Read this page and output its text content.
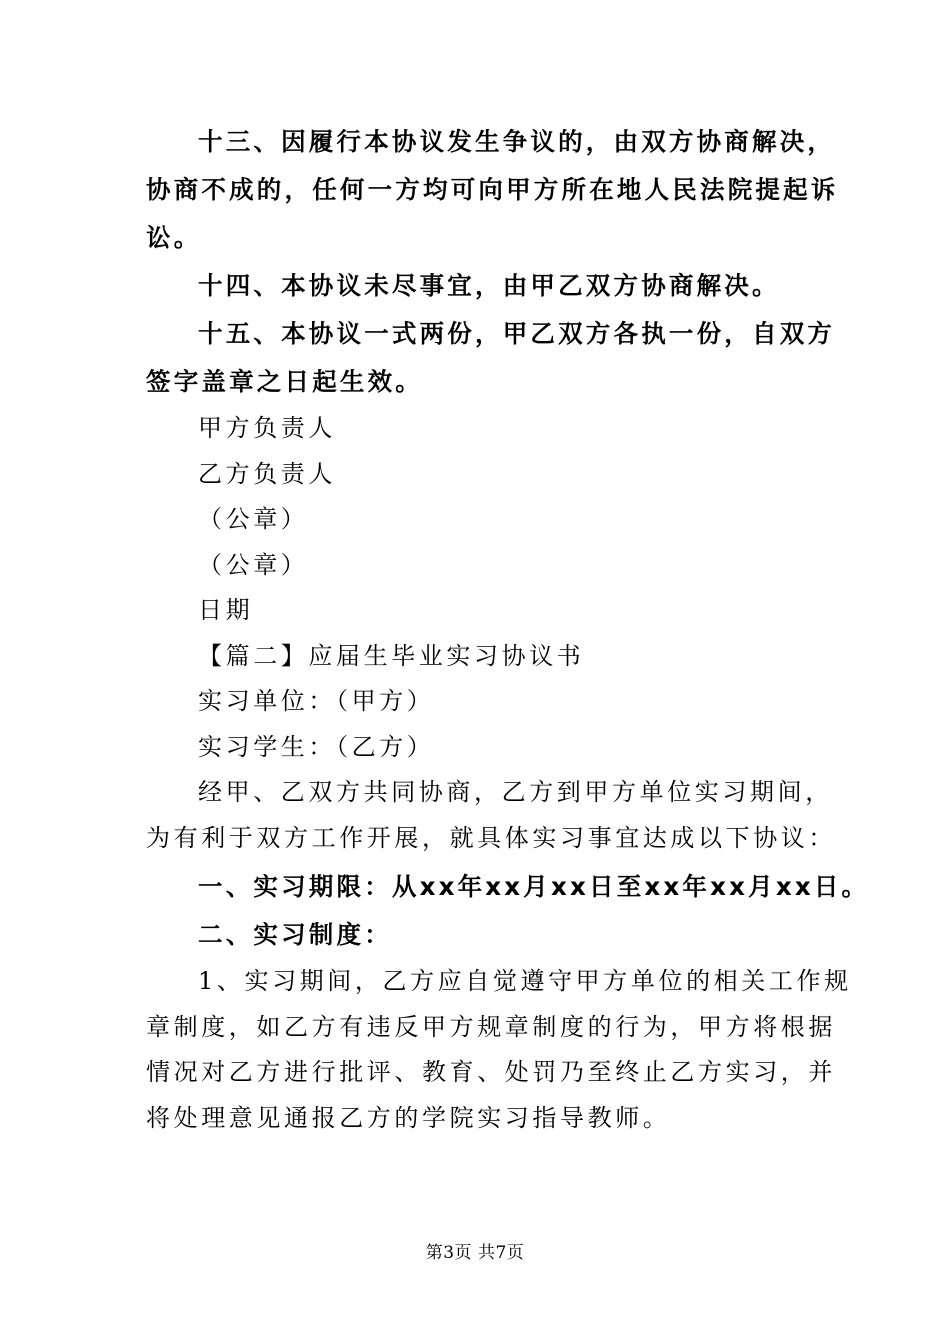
十三、因履行本协议发生争议的，由双方协商解决，

协商不成的，任何一方均可向甲方所在地人民法院提起诉

讼。

十四、本协议未尽事宜，由甲乙双方协商解决。

十五、本协议一式两份，甲乙双方各执一份，自双方

签字盖章之日起生效。

甲方负责人

乙方负责人

（公章）

（公章）

日期

【篇二】应届生毕业实习协议书

实习单位：（甲方）

实习学生：（乙方）

经甲、乙双方共同协商，乙方到甲方单位实习期间，

为有利于双方工作开展，就具体实习事宜达成以下协议：

一、实习期限：从xx年xx月xx日至xx年xx月xx日。

二、实习制度：

1、实习期间，乙方应自觉遵守甲方单位的相关工作规

章制度，如乙方有违反甲方规章制度的行为，甲方将根据

情况对乙方进行批评、教育、处罚乃至终止乙方实习，并

将处理意见通报乙方的学院实习指导教师。

第3页 共7页
